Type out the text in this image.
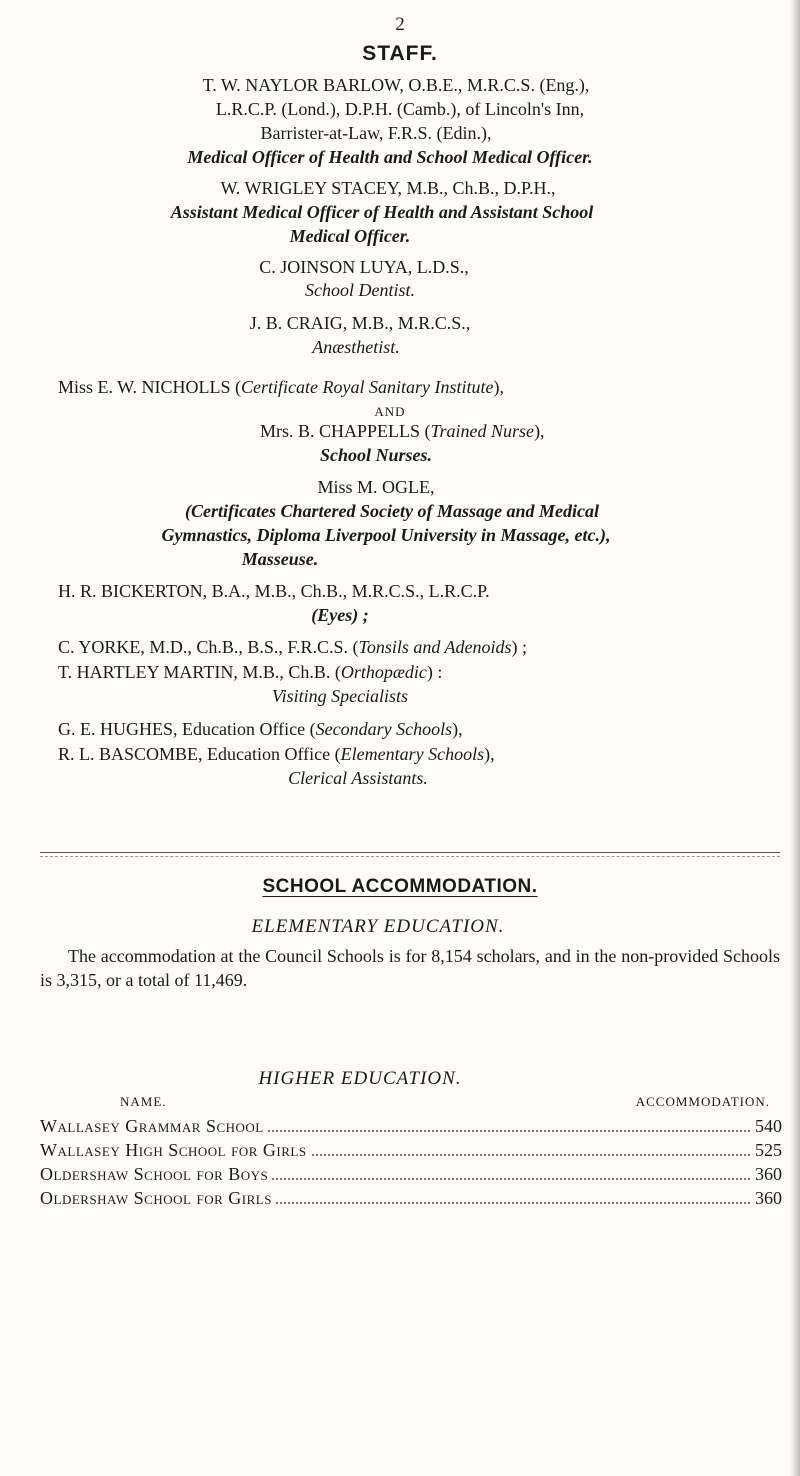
2
STAFF.
T. W. NAYLOR BARLOW, O.B.E., M.R.C.S. (Eng.),
L.R.C.P. (Lond.), D.P.H. (Camb.), of Lincoln's Inn,
Barrister-at-Law, F.R.S. (Edin.),
Medical Officer of Health and School Medical Officer.
W. WRIGLEY STACEY, M.B., Ch.B., D.P.H.,
Assistant Medical Officer of Health and Assistant School
Medical Officer.
C. JOINSON LUYA, L.D.S.,
School Dentist.
J. B. CRAIG, M.B., M.R.C.S.,
Anæsthetist.
Miss E. W. NICHOLLS (Certificate Royal Sanitary Institute),
AND
Mrs. B. CHAPPELLS (Trained Nurse),
School Nurses.
Miss M. OGLE,
(Certificates Chartered Society of Massage and Medical
Gymnastics, Diploma Liverpool University in Massage, etc.),
Masseuse.
H. R. BICKERTON, B.A., M.B., Ch.B., M.R.C.S., L.R.C.P.
(Eyes) ;
C. YORKE, M.D., Ch.B., B.S., F.R.C.S. (Tonsils and Adenoids) ;
T. HARTLEY MARTIN, M.B., Ch.B. (Orthopædic) :
Visiting Specialists
G. E. HUGHES, Education Office (Secondary Schools),
R. L. BASCOMBE, Education Office (Elementary Schools),
Clerical Assistants.
SCHOOL ACCOMMODATION.
ELEMENTARY EDUCATION.
The accommodation at the Council Schools is for 8,154 scholars, and in the non-provided Schools is 3,315, or a total of 11,469.
HIGHER EDUCATION.
NAME.	ACCOMMODATION.
Wallasey Grammar School	540
Wallasey High School for Girls	525
Oldershaw School for Boys	360
Oldershaw School for Girls	360
